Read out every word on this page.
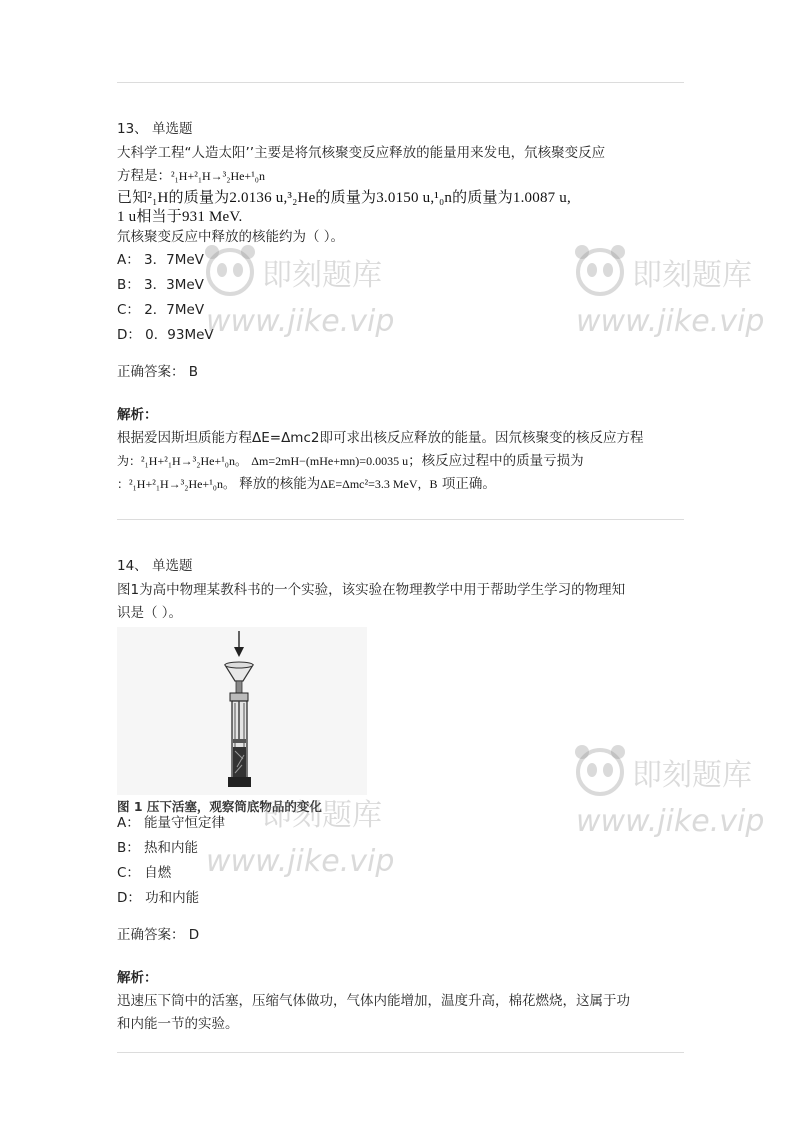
13、 单选题
大科学工程“人造太阳’’主要是将氘核聚变反应释放的能量用来发电，氘核聚变反应
方程是：²₁H+²₁H→³₂He+¹₀n
已知²₁H的质量为2.0136 u,³₂He的质量为3.0150 u,¹₀n的质量为1.0087 u,
1 u相当于931 MeV.
氘核聚变反应中释放的核能约为（ ）。
A： 3．7MeV
B： 3．3MeV
C： 2．7MeV
D： 0．93MeV
正确答案： B
解析：
根据爱因斯坦质能方程ΔE=Δmc2即可求出核反应释放的能量。因氘核聚变的核反应方程
为：²₁H+²₁H→³₂He+¹₀n。 Δm=2mH−(mHe+mn)=0.0035 u；核反应过程中的质量亏损为
：²₁H+²₁H→³₂He+¹₀n。 释放的核能为ΔE=Δmc²=3.3 MeV，B 项正确。
14、 单选题
图1为高中物理某教科书的一个实验，该实验在物理教学中用于帮助学生学习的物理知
识是（ ）。
图 1 压下活塞，观察筒底物品的变化
A： 能量守恒定律
B： 热和内能
C： 自燃
D： 功和内能
正确答案： D
解析：
迅速压下筒中的活塞，压缩气体做功，气体内能增加，温度升高，棉花燃烧，这属于功
和内能一节的实验。
即刻题库
www.jike.vip
即刻题库
www.jike.vip
即刻题库
www.jike.vip
即刻题库
www.jike.vip
